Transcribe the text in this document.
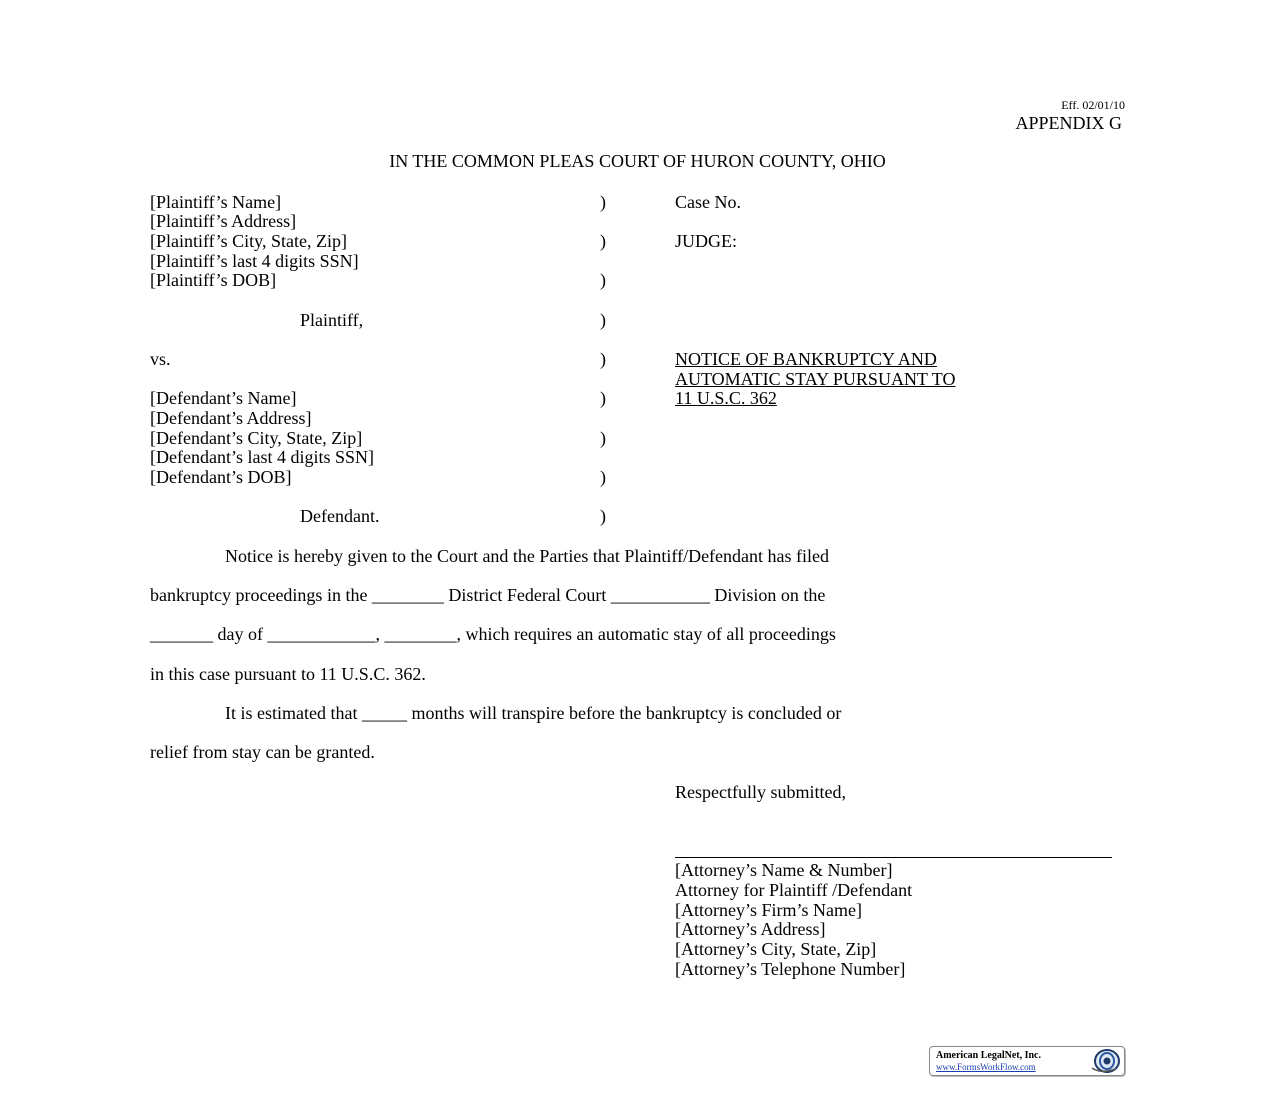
Eff. 02/01/10
APPENDIX G
IN THE COMMON PLEAS COURT OF HURON COUNTY, OHIO
[Plaintiff’s Name]
[Plaintiff’s Address]
[Plaintiff’s City, State, Zip]
[Plaintiff’s last 4 digits SSN]
[Plaintiff’s DOB]
Plaintiff,
vs.
[Defendant’s Name]
[Defendant’s Address]
[Defendant’s City, State, Zip]
[Defendant’s last 4 digits SSN]
[Defendant’s DOB]
Defendant.
)
)
)
)
)
)
)
)
)
Case No.
JUDGE:
NOTICE OF BANKRUPTCY AND
AUTOMATIC STAY PURSUANT TO
11 U.S.C. 362
Notice is hereby given to the Court and the Parties that Plaintiff/Defendant has filed
bankruptcy proceedings in the ________ District Federal Court ___________ Division on the
_______ day of ____________, ________, which requires an automatic stay of all proceedings
in this case pursuant to 11 U.S.C. 362.
It is estimated that _____ months will transpire before the bankruptcy is concluded or
relief from stay can be granted.
Respectfully submitted,
[Attorney’s Name & Number]
Attorney for Plaintiff /Defendant
[Attorney’s Firm’s Name]
[Attorney’s Address]
[Attorney’s City, State, Zip]
[Attorney’s Telephone Number]
American LegalNet, Inc.
www.FormsWorkFlow.com
